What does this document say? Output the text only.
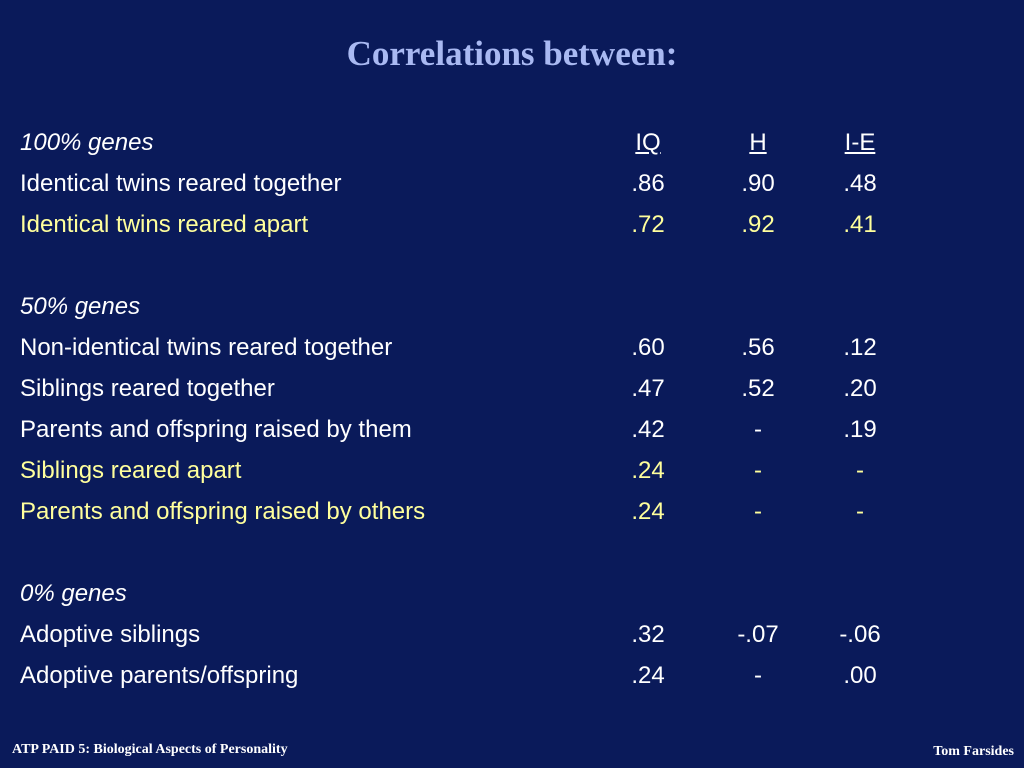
Correlations between:
100% genes	IQ	H	I-E
Identical twins reared together	.86	.90	.48
Identical twins reared apart	.72	.92	.41
50% genes
Non-identical twins reared together	.60	.56	.12
Siblings reared together	.47	.52	.20
Parents and offspring raised by them	.42	-	.19
Siblings reared apart	.24	-	-
Parents and offspring raised by others	.24	-	-
0% genes
Adoptive siblings	.32	-.07	-.06
Adoptive parents/offspring	.24	-	.00
ATP PAID 5: Biological Aspects of Personality	Tom Farsides
